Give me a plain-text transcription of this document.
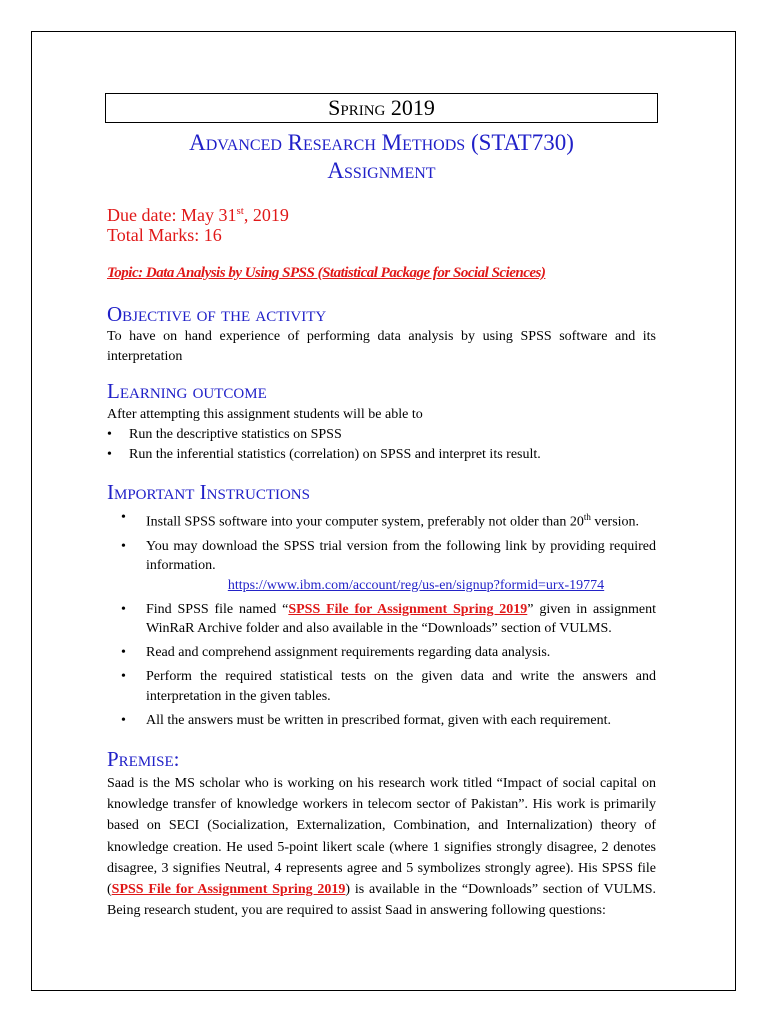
Spring 2019
Advanced Research Methods (STAT730)
Assignment
Due date: May 31st, 2019
Total Marks: 16
Topic: Data Analysis by Using SPSS (Statistical Package for Social Sciences)
Objective of the activity
To have on hand experience of performing data analysis by using SPSS software and its interpretation
Learning outcome
After attempting this assignment students will be able to
• Run the descriptive statistics on SPSS
• Run the inferential statistics (correlation) on SPSS and interpret its result.
Important Instructions
• Install SPSS software into your computer system, preferably not older than 20th version.
• You may download the SPSS trial version from the following link by providing required information.
https://www.ibm.com/account/reg/us-en/signup?formid=urx-19774
• Find SPSS file named “SPSS File for Assignment Spring 2019” given in assignment WinRaR Archive folder and also available in the “Downloads” section of VULMS.
• Read and comprehend assignment requirements regarding data analysis.
• Perform the required statistical tests on the given data and write the answers and interpretation in the given tables.
• All the answers must be written in prescribed format, given with each requirement.
Premise:
Saad is the MS scholar who is working on his research work titled “Impact of social capital on knowledge transfer of knowledge workers in telecom sector of Pakistan”. His work is primarily based on SECI (Socialization, Externalization, Combination, and Internalization) theory of knowledge creation. He used 5-point likert scale (where 1 signifies strongly disagree, 2 denotes disagree, 3 signifies Neutral, 4 represents agree and 5 symbolizes strongly agree). His SPSS file (SPSS File for Assignment Spring 2019) is available in the “Downloads” section of VULMS. Being research student, you are required to assist Saad in answering following questions:
